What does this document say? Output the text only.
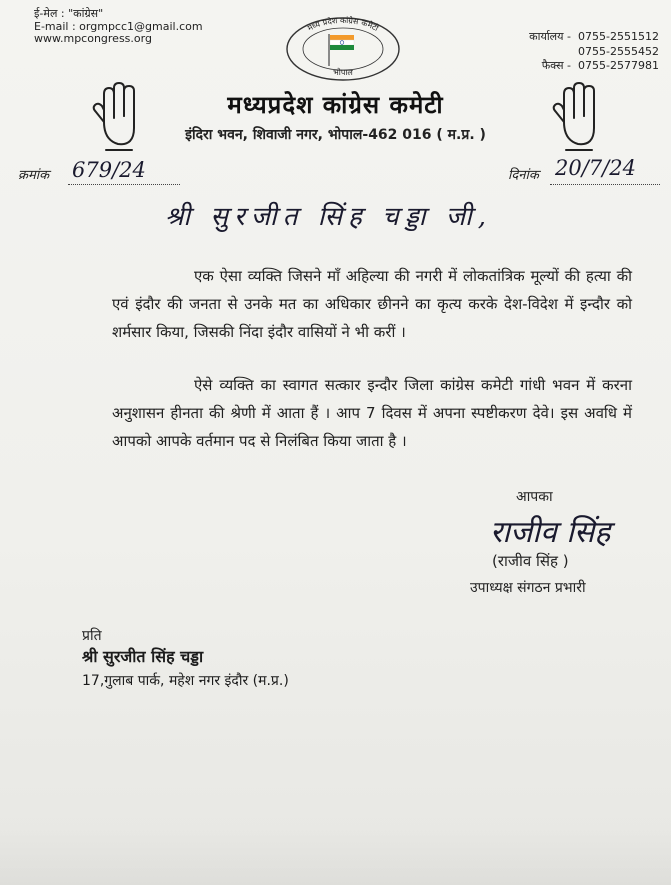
ई-मेल : "कांग्रेस"
E-mail : orgmpcc1@gmail.com
www.mpcongress.org	कार्यालय - 0755-2551512
0755-2555452
फैक्स - 0755-2577981
मध्य प्रदेश कांग्रेस कमेटी
भोपाल
मध्यप्रदेश कांग्रेस कमेटी
इंदिरा भवन, शिवाजी नगर, भोपाल-462 016 ( म.प्र. )
क्रमांक 679/24	दिनांक 20/7/24
श्री सुरजीत सिंह चड्डा जी,
एक ऐसा व्यक्ति जिसने माँ अहिल्या की नगरी में लोकतांत्रिक मूल्यों की हत्या की एवं इंदौर की जनता से उनके मत का अधिकार छीनने का कृत्य करके देश-विदेश में इन्दौर को शर्मसार किया, जिसकी निंदा इंदौर वासियों ने भी करीं ।
ऐसे व्यक्ति का स्वागत सत्कार इन्दौर जिला कांग्रेस कमेटी गांधी भवन में करना अनुशासन हीनता की श्रेणी में आता हैं । आप 7 दिवस में अपना स्पष्टीकरण देवे। इस अवधि में आपको आपके वर्तमान पद से निलंबित किया जाता है ।
आपका
राजीव सिंह
(राजीव सिंह )
उपाध्यक्ष संगठन प्रभारी
प्रति
श्री सुरजीत सिंह चड्डा
17,गुलाब पार्क, महेश नगर इंदौर (म.प्र.)
